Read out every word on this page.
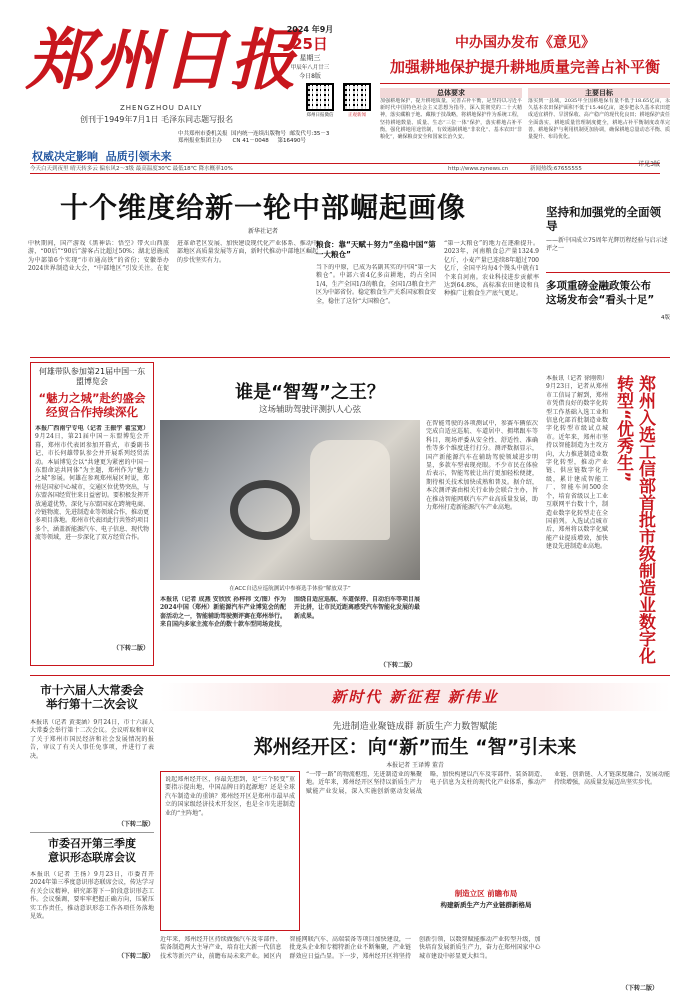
郑州日报
ZHENGZHOU DAILY
创刊于1949年7月1日 毛泽东同志题写报名
2024 年9月
25日
星期三
甲辰年八月廿三
今日8版
郑州日报微信	正观新闻
中共郑州市委机关报 国内统一连续出版物号 邮发代号:35－3
郑州报业集团主办 CN 41－0048 第16490号
权威决定影响 品质引领未来
今天白天到夜里 晴天转多云 偏东风2～3级 最高温度30℃ 最低18℃ 降水概率10%	http://www.zynews.cn	新闻热线:67655555
中办国办发布《意见》
加强耕地保护提升耕地质量完善占补平衡
总体要求
加强耕地保护，提升耕地质量，完善占补平衡，是坚持以习近平新时代中国特色社会主义思想为指导，深入贯彻党的二十大精神，落实藏粮于地、藏粮于技战略，将耕地保护作为系统工程，坚持耕地数量、质量、生态“三位一体”保护，落实耕地占补平衡，强化耕地用途管制，有效遏制耕地“非农化”、基本农田“非粮化”，确保粮食安全和国家长治久安。
主要目标
落实到一县域，2035年全国耕地保有量不低于18.65亿亩，永久基本农田保护面积不低于15.46亿亩，逐步把永久基本农田建成适宜耕作、旱涝保收、高产稳产的现代化良田；耕地保护责任全面落实，耕地质量管理制度健全，耕地占补平衡制度改革完善，耕地保护与利用机制更加协调，确保耕地总量动态平衡、质量提升、布局优化。
详见3版
十个维度给新一轮中部崛起画像
新华社记者
中秋期间，国产游戏《黑神话：悟空》带火山西旅游，“00后”“90后”游客占比超过50%；湖北恩施成为中部第6个实现“市市通高铁”的省份；安徽举办2024世界制造业大会，“中部地区”引发关注。在促进革命老区发展、加快建设现代化产业体系、推动中部地区高质量发展等方面，新时代推动中部地区崛起的步伐坚实有力。
粮食：靠“天赋＋努力”坐稳中国“第一大粮仓”
当下的中原，已成为名副其实的中国“第一大粮仓”。中部六省4亿多亩耕地，约占全国1/4，生产全国1/3的粮食，全国1/3粮食主产区为中部省份。稳定粮食生产关系国家粮食安全，稳住了这份“大国粮仓”。
“第一大粮仓”的地力在逐渐提升。2023年，河南粮食总产量1324.9亿斤，小麦产量已连续8年超过700亿斤，全国平均每4个馒头中就有1个来自河南。农业科技进步贡献率达到64.8%，高标准农田建设和良种推广让粮食生产底气更足。
坚持和加强党的全面领导
——新中国成立75周年光辉历程经验与启示述评之一
多项重磅金融政策公布
这场发布会“看头十足”
4版
何雄带队参加第21届中国一东盟博览会
“魅力之城”赴约盛会经贸合作持续深化
本报广西南宁专电（记者 王振宇 翟宝宽）9月24日，第21届中国－东盟博览会开幕，郑州市代表团参加开幕式，市委副书记、市长何雄带队参会并开展系列经贸活动。本届博览会以“共建更为紧密的中国－东盟命运共同体”为主题，郑州作为“魅力之城”参展。何雄在参观郑州展区时说，郑州是国家中心城市，交通区位优势突出，与东盟各国经贸往来日益密切。要积极发挥开放通道优势，深化与东盟国家在跨境电商、冷链物流、先进制造业等领域合作，推动更多项目落地。郑州市代表团此行共签约项目多个，涵盖新能源汽车、电子信息、现代物流等领域，进一步深化了双方经贸合作。
（下转二版）
谁是“智驾”之王？
这场辅助驾驶评测扒人心弦
在智能驾驶的各项测试中，参赛车辆依次完成自适应巡航、车道居中、拥堵跟车等科目，现场评委从安全性、舒适性、准确性等多个维度进行打分。测评数据显示，国产新能源汽车在辅助驾驶领域进步明显，多款车型表现亮眼。不少市民在体验后表示，智能驾驶让出行更加轻松便捷，期待相关技术加快成熟和普及。据介绍，本次测评赛由相关行业协会联合主办，旨在推动智能网联汽车产业高质量发展，助力郑州打造新能源汽车产业高地。
在ACC自适应巡航测试中参赛选手体验“解放双手”
本报讯（记者 成燕 安欣欣 孙梓祎 文/图）作为2024中国（郑州）新能源汽车产业博览会的配套活动之一，智能辅助驾驶测评赛在郑州举行。来自国内多家主流车企的数十款车型同场竞技，围绕自适应巡航、车道保持、自动泊车等项目展开比拼，让市民近距离感受汽车智能化发展的最新成果。
（下转二版）
郑州入选工信部首批市级制造业数字化转型“优秀生”
本报讯（记者 徐刚领）9月23日，记者从郑州市工信局了解到，郑州市凭借良好的数字化转型工作基础入选工业和信息化部首批制造业数字化转型市级试点城市。近年来，郑州市坚持以智能制造为主攻方向，大力推进制造业数字化转型，推动产业链、供应链数字化升级，累计建成智能工厂、智能车间500余个，培育省级以上工业互联网平台数十个，制造业数字化转型走在全国前列。入选试点城市后，郑州将以数字化赋能产业提质增效，加快建设先进制造业高地。
新时代 新征程 新伟业
市十六届人大常委会
举行第十二次会议
本报讯（记者 黄斐涵）9月24日，市十六届人大常委会举行第十二次会议。会议听取和审议了关于郑州市国民经济和社会发展情况的报告，审议了有关人事任免事项，并进行了表决。
（下转二版）
市委召开第三季度
意识形态联席会议
本报讯（记者 王扬）9月23日，市委召开2024年第三季度意识形态联席会议，传达学习有关会议精神，研究部署下一阶段意识形态工作。会议强调，要牢牢把握正确方向，压紧压实工作责任，推动意识形态工作各项任务落地见效。
（下转二版）
先进制造业聚链成群 新质生产力数智赋能
郑州经开区：向“新”而生 “智”引未来
本报记者 王译博 董青
说起郑州经开区，你最先想到，是“三个转变”重要指示提出地，中国品牌日的起源地？还是全球汽车制造业的重镇？郑州经开区是郑州市最早成立的国家级经济技术开发区，也是全市先进制造业的“主阵地”。
“一带一路”的物流枢纽，先进制造业的集聚地。近年来，郑州经开区坚持以新质生产力赋能产业发展，深入实施创新驱动发展战略，加快构建以汽车及零部件、装备制造、电子信息为支柱的现代化产业体系，推动产业链、创新链、人才链深度融合，发展动能持续增强，高质量发展迈出坚实步伐。
制造立区 前瞻布局
构建新质生产力产业链群新格局
近年来，郑州经开区持续做强汽车及零部件、装备制造两大主导产业，培育壮大新一代信息技术等新兴产业，前瞻布局未来产业。园区内智能网联汽车、高端装备等项目加快建设，一批龙头企业和专精特新企业不断集聚，产业链群效应日益凸显。下一步，郑州经开区将坚持创新引领，以数智赋能推动产业转型升级，加快培育发展新质生产力，奋力在郑州国家中心城市建设中彰显更大担当。
（下转二版）
